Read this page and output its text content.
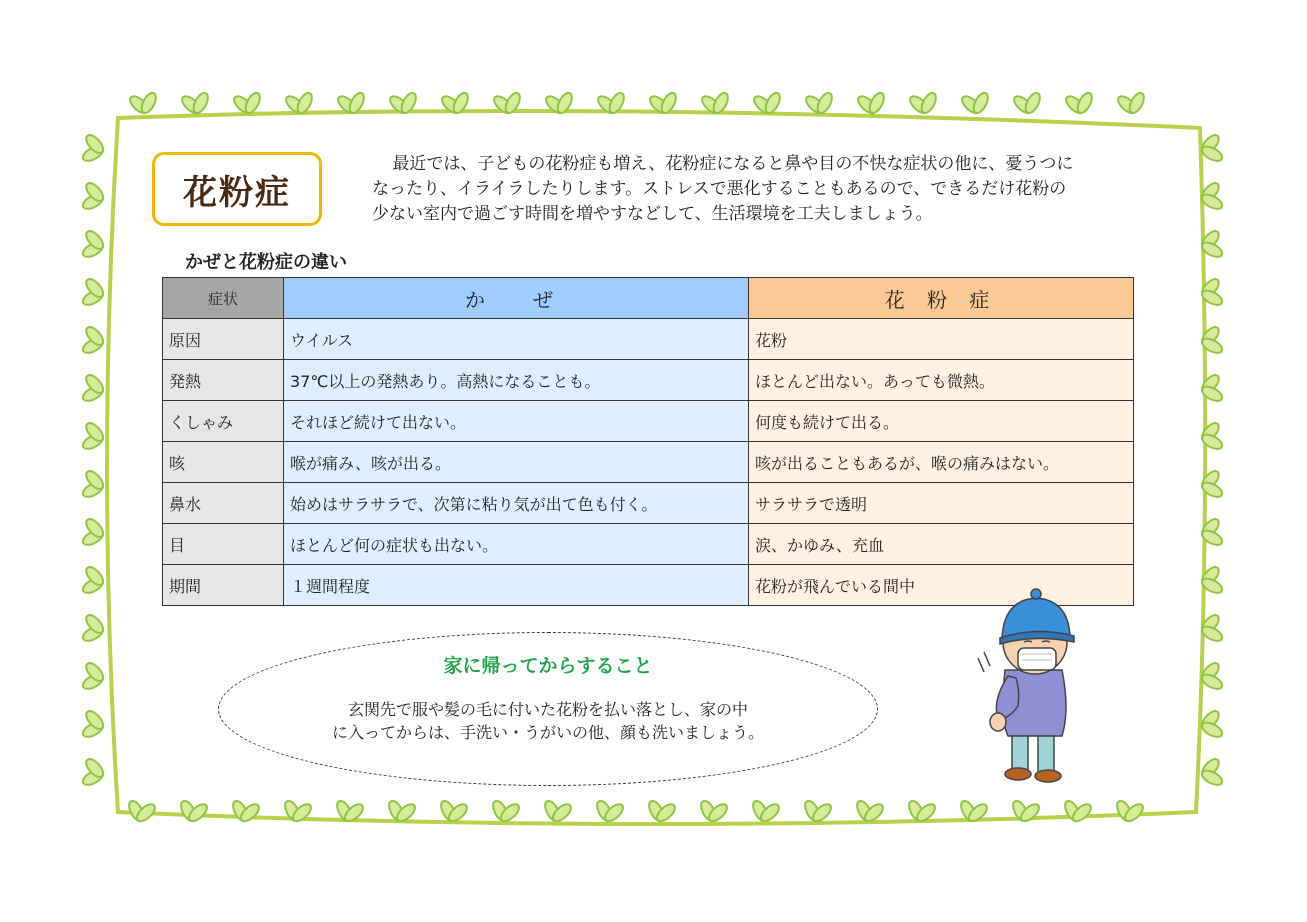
花粉症
最近では、子どもの花粉症も増え、花粉症になると鼻や目の不快な症状の他に、憂うつに
なったり、イライラしたりします。ストレスで悪化することもあるので、できるだけ花粉の
少ない室内で過ごす時間を増やすなどして、生活環境を工夫しましょう。
かぜと花粉症の違い
症状	か　ぜ	花 粉 症
原因	ウイルス	花粉
発熱	37℃以上の発熱あり。高熱になることも。	ほとんど出ない。あっても微熱。
くしゃみ	それほど続けて出ない。	何度も続けて出る。
咳	喉が痛み、咳が出る。	咳が出ることもあるが、喉の痛みはない。
鼻水	始めはサラサラで、次第に粘り気が出て色も付く。	サラサラで透明
目	ほとんど何の症状も出ない。	涙、かゆみ、充血
期間	１週間程度	花粉が飛んでいる間中
家に帰ってからすること
玄関先で服や髪の毛に付いた花粉を払い落とし、家の中
に入ってからは、手洗い・うがいの他、顔も洗いましょう。
